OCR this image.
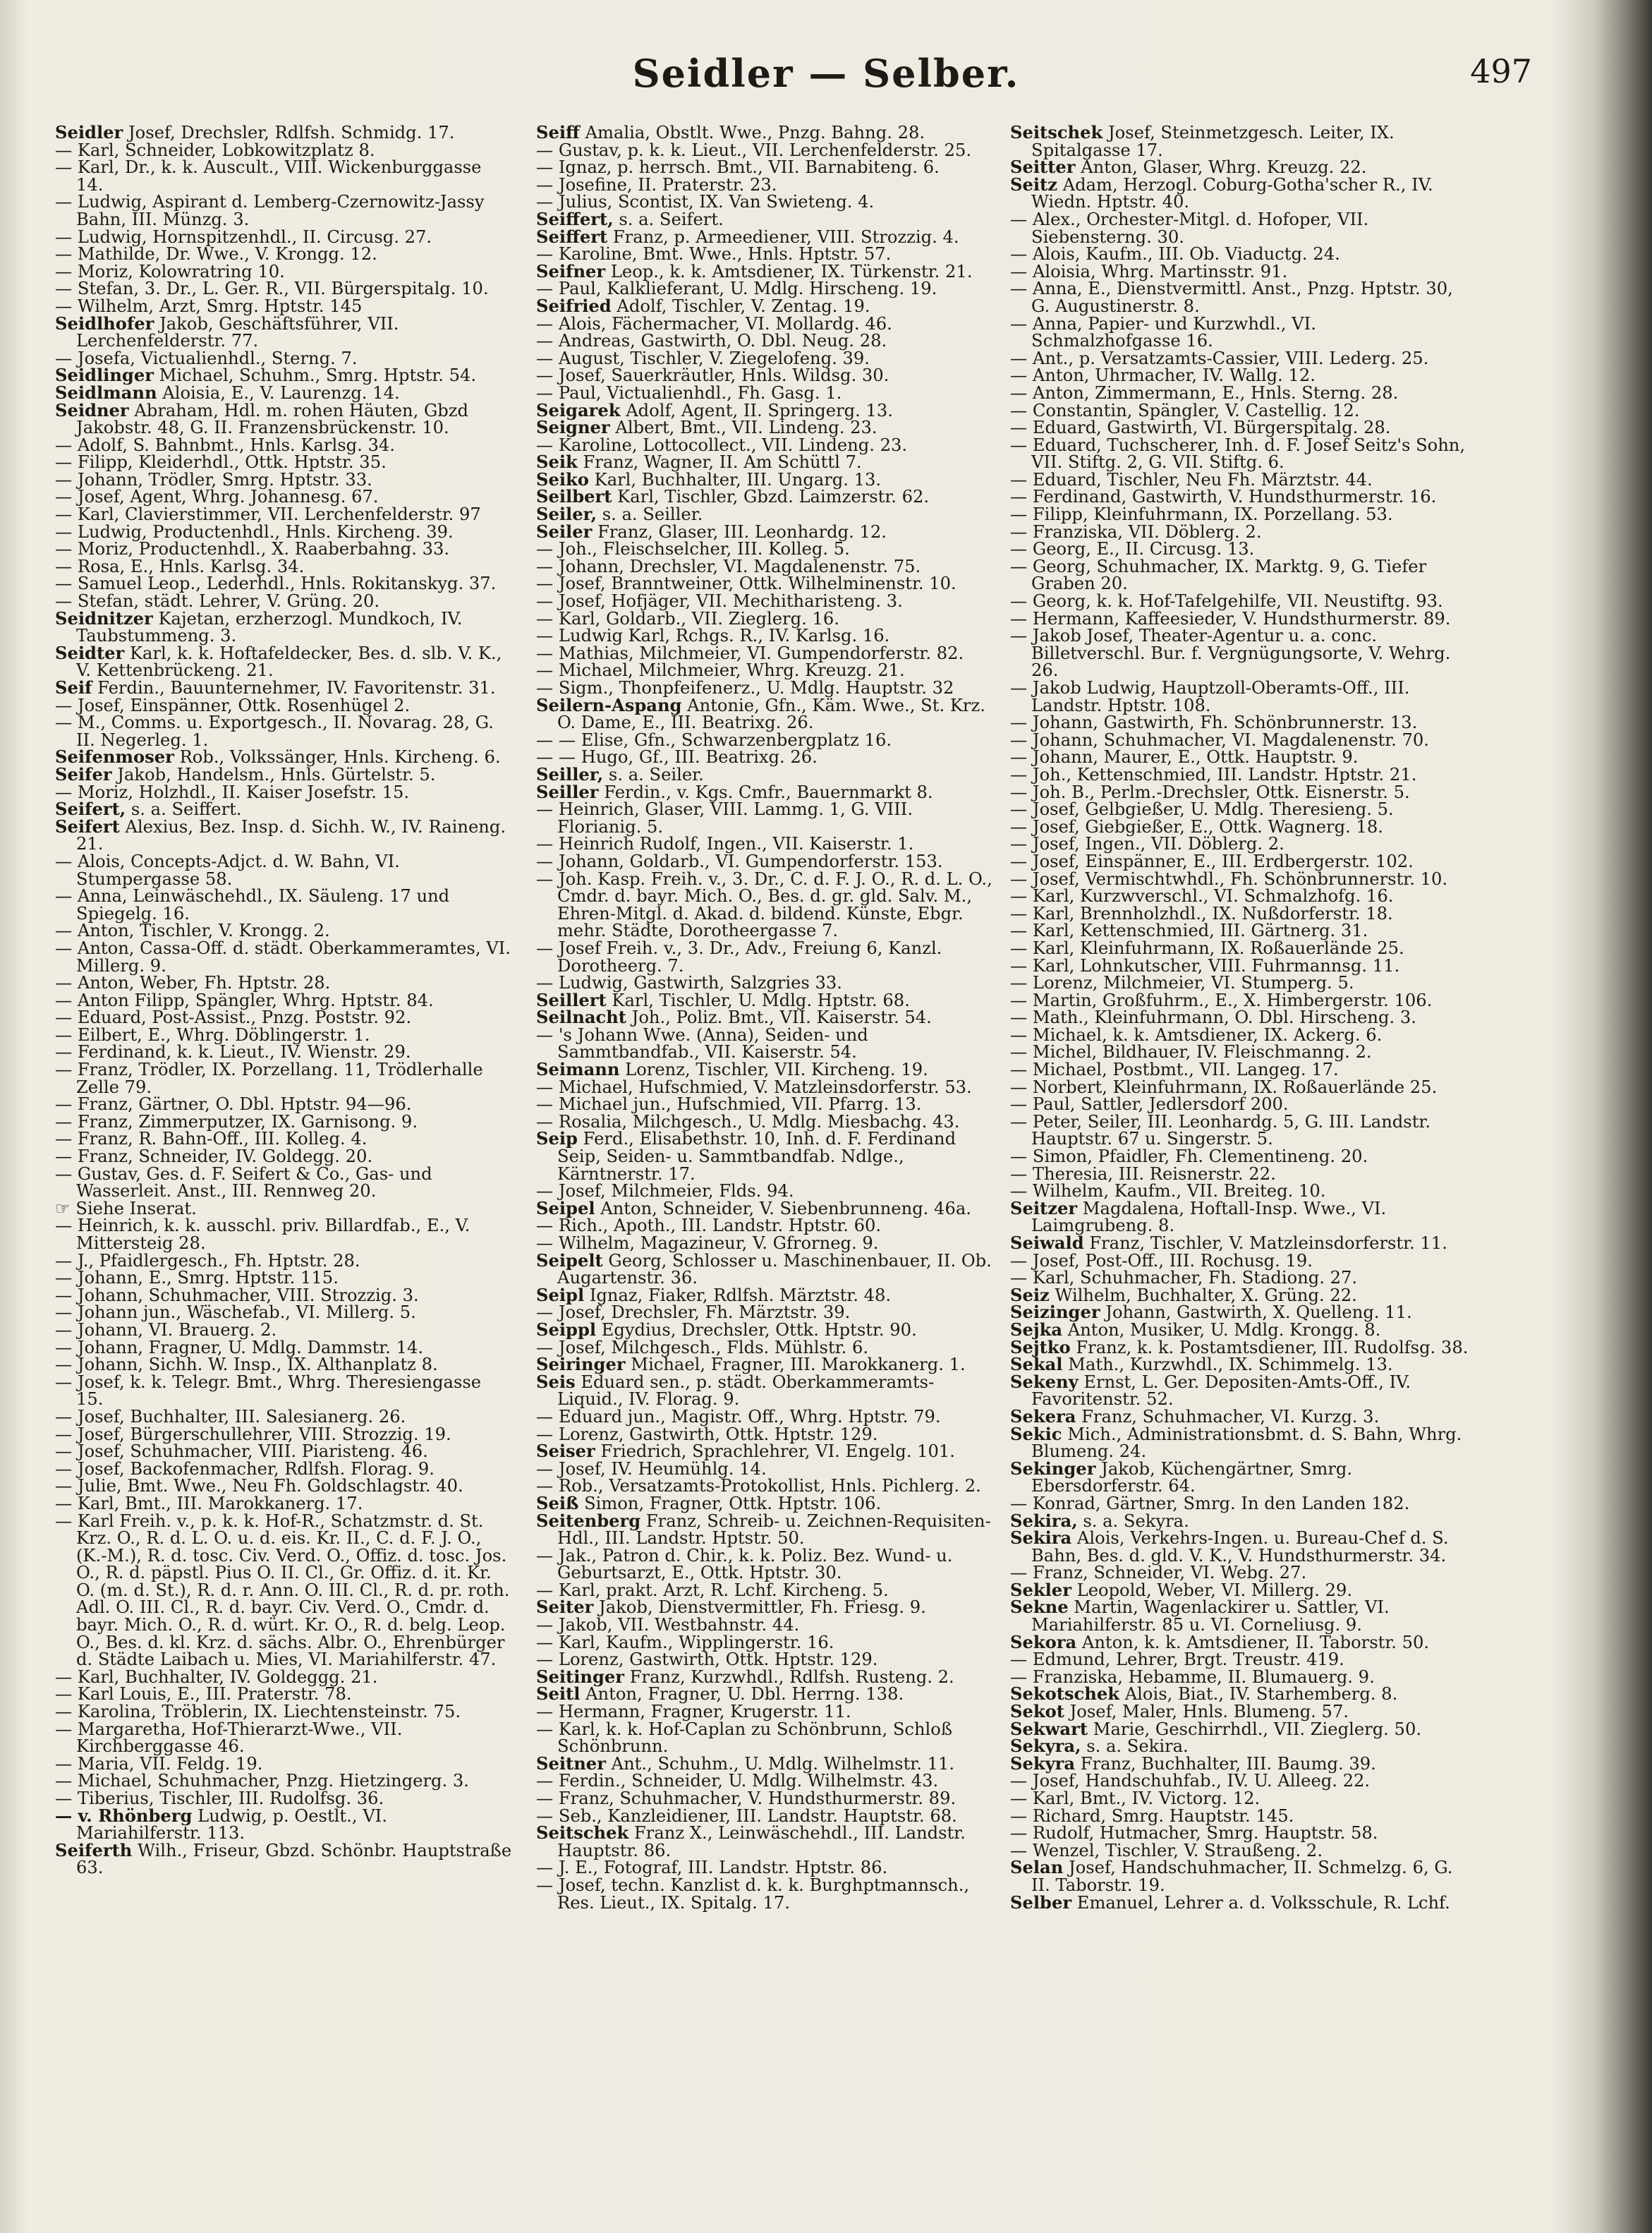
Seidler — Selber.	497

Seidler Josef, Drechsler, Rdlfsh. Schmidg. 17.

— Karl, Schneider, Lobkowitzplatz 8.

— Karl, Dr., k. k. Auscult., VIII. Wickenburggasse 14.

— Ludwig, Aspirant d. Lemberg-Czernowitz-Jassy Bahn, III. Münzg. 3.

— Ludwig, Hornspitzenhdl., II. Circusg. 27.

— Mathilde, Dr. Wwe., V. Krongg. 12.

— Moriz, Kolowratring 10.

— Stefan, 3. Dr., L. Ger. R., VII. Bürgerspitalg. 10.

— Wilhelm, Arzt, Smrg. Hptstr. 145

Seidlhofer Jakob, Geschäftsführer, VII. Lerchenfelderstr. 77.

— Josefa, Victualienhdl., Sterng. 7.

Seidlinger Michael, Schuhm., Smrg. Hptstr. 54.

Seidlmann Aloisia, E., V. Laurenzg. 14.

Seidner Abraham, Hdl. m. rohen Häuten, Gbzd Jakobstr. 48, G. II. Franzensbrückenstr. 10.

— Adolf, S. Bahnbmt., Hnls. Karlsg. 34.

— Filipp, Kleiderhdl., Ottk. Hptstr. 35.

— Johann, Trödler, Smrg. Hptstr. 33.

— Josef, Agent, Whrg. Johannesg. 67.

— Karl, Clavierstimmer, VII. Lerchenfelderstr. 97

— Ludwig, Productenhdl., Hnls. Kircheng. 39.

— Moriz, Productenhdl., X. Raaberbahng. 33.

— Rosa, E., Hnls. Karlsg. 34.

— Samuel Leop., Lederhdl., Hnls. Rokitanskyg. 37.

— Stefan, städt. Lehrer, V. Grüng. 20.

Seidnitzer Kajetan, erzherzogl. Mundkoch, IV. Taubstummeng. 3.

Seidter Karl, k. k. Hoftafeldecker, Bes. d. slb. V. K., V. Kettenbrückeng. 21.

Seif Ferdin., Bauunternehmer, IV. Favoritenstr. 31.

— Josef, Einspänner, Ottk. Rosenhügel 2.

— M., Comms. u. Exportgesch., II. Novarag. 28, G. II. Negerleg. 1.

Seifenmoser Rob., Volkssänger, Hnls. Kircheng. 6.

Seifer Jakob, Handelsm., Hnls. Gürtelstr. 5.

— Moriz, Holzhdl., II. Kaiser Josefstr. 15.

Seifert, s. a. Seiffert.

Seifert Alexius, Bez. Insp. d. Sichh. W., IV. Raineng. 21.

— Alois, Concepts-Adjct. d. W. Bahn, VI. Stumpergasse 58.

— Anna, Leinwäschehdl., IX. Säuleng. 17 und Spiegelg. 16.

— Anton, Tischler, V. Krongg. 2.

— Anton, Cassa-Off. d. städt. Oberkammeramtes, VI. Millerg. 9.

— Anton, Weber, Fh. Hptstr. 28.

— Anton Filipp, Spängler, Whrg. Hptstr. 84.

— Eduard, Post-Assist., Pnzg. Poststr. 92.

— Eilbert, E., Whrg. Döblingerstr. 1.

— Ferdinand, k. k. Lieut., IV. Wienstr. 29.

— Franz, Trödler, IX. Porzellang. 11, Trödlerhalle Zelle 79.

— Franz, Gärtner, O. Dbl. Hptstr. 94—96.

— Franz, Zimmerputzer, IX. Garnisong. 9.

— Franz, R. Bahn-Off., III. Kolleg. 4.

— Franz, Schneider, IV. Goldegg. 20.

— Gustav, Ges. d. F. Seifert & Co., Gas- und Wasserleit. Anst., III. Rennweg 20.

☞ Siehe Inserat.

— Heinrich, k. k. ausschl. priv. Billardfab., E., V. Mittersteig 28.

— J., Pfaidlergesch., Fh. Hptstr. 28.

— Johann, E., Smrg. Hptstr. 115.

— Johann, Schuhmacher, VIII. Strozzig. 3.

— Johann jun., Wäschefab., VI. Millerg. 5.

— Johann, VI. Brauerg. 2.

— Johann, Fragner, U. Mdlg. Dammstr. 14.

— Johann, Sichh. W. Insp., IX. Althanplatz 8.

— Josef, k. k. Telegr. Bmt., Whrg. Theresiengasse 15.

— Josef, Buchhalter, III. Salesianerg. 26.

— Josef, Bürgerschullehrer, VIII. Strozzig. 19.

— Josef, Schuhmacher, VIII. Piaristeng. 46.

— Josef, Backofenmacher, Rdlfsh. Florag. 9.

— Julie, Bmt. Wwe., Neu Fh. Goldschlagstr. 40.

— Karl, Bmt., III. Marokkanerg. 17.

— Karl Freih. v., p. k. k. Hof-R., Schatzmstr. d. St. Krz. O., R. d. L. O. u. d. eis. Kr. II., C. d. F. J. O., (K.-M.), R. d. tosc. Civ. Verd. O., Offiz. d. tosc. Jos. O., R. d. päpstl. Pius O. II. Cl., Gr. Offiz. d. it. Kr. O. (m. d. St.), R. d. r. Ann. O. III. Cl., R. d. pr. roth. Adl. O. III. Cl., R. d. bayr. Civ. Verd. O., Cmdr. d. bayr. Mich. O., R. d. würt. Kr. O., R. d. belg. Leop. O., Bes. d. kl. Krz. d. sächs. Albr. O., Ehrenbürger d. Städte Laibach u. Mies, VI. Mariahilferstr. 47.

— Karl, Buchhalter, IV. Goldeggg. 21.

— Karl Louis, E., III. Praterstr. 78.

— Karolina, Tröblerin, IX. Liechtensteinstr. 75.

— Margaretha, Hof-Thierarzt-Wwe., VII. Kirchberggasse 46.

— Maria, VII. Feldg. 19.

— Michael, Schuhmacher, Pnzg. Hietzingerg. 3.

— Tiberius, Tischler, III. Rudolfsg. 36.

— v. Rhönberg Ludwig, p. Oestlt., VI. Mariahilferstr. 113.

Seiferth Wilh., Friseur, Gbzd. Schönbr. Hauptstraße 63.

Seiff Amalia, Obstlt. Wwe., Pnzg. Bahng. 28.

— Gustav, p. k. k. Lieut., VII. Lerchenfelderstr. 25.

— Ignaz, p. herrsch. Bmt., VII. Barnabiteng. 6.

— Josefine, II. Praterstr. 23.

— Julius, Scontist, IX. Van Swieteng. 4.

Seiffert, s. a. Seifert.

Seiffert Franz, p. Armeediener, VIII. Strozzig. 4.

— Karoline, Bmt. Wwe., Hnls. Hptstr. 57.

Seifner Leop., k. k. Amtsdiener, IX. Türkenstr. 21.

— Paul, Kalklieferant, U. Mdlg. Hirscheng. 19.

Seifried Adolf, Tischler, V. Zentag. 19.

— Alois, Fächermacher, VI. Mollardg. 46.

— Andreas, Gastwirth, O. Dbl. Neug. 28.

— August, Tischler, V. Ziegelofeng. 39.

— Josef, Sauerkräutler, Hnls. Wildsg. 30.

— Paul, Victualienhdl., Fh. Gasg. 1.

Seigarek Adolf, Agent, II. Springerg. 13.

Seigner Albert, Bmt., VII. Lindeng. 23.

— Karoline, Lottocollect., VII. Lindeng. 23.

Seik Franz, Wagner, II. Am Schüttl 7.

Seiko Karl, Buchhalter, III. Ungarg. 13.

Seilbert Karl, Tischler, Gbzd. Laimzerstr. 62.

Seiler, s. a. Seiller.

Seiler Franz, Glaser, III. Leonhardg. 12.

— Joh., Fleischselcher, III. Kolleg. 5.

— Johann, Drechsler, VI. Magdalenenstr. 75.

— Josef, Branntweiner, Ottk. Wilhelminenstr. 10.

— Josef, Hofjäger, VII. Mechitharisteng. 3.

— Karl, Goldarb., VII. Zieglerg. 16.

— Ludwig Karl, Rchgs. R., IV. Karlsg. 16.

— Mathias, Milchmeier, VI. Gumpendorferstr. 82.

— Michael, Milchmeier, Whrg. Kreuzg. 21.

— Sigm., Thonpfeifenerz., U. Mdlg. Hauptstr. 32

Seilern-Aspang Antonie, Gfn., Käm. Wwe., St. Krz. O. Dame, E., III. Beatrixg. 26.

— — Elise, Gfn., Schwarzenbergplatz 16.

— — Hugo, Gf., III. Beatrixg. 26.

Seiller, s. a. Seiler.

Seiller Ferdin., v. Kgs. Cmfr., Bauernmarkt 8.

— Heinrich, Glaser, VIII. Lammg. 1, G. VIII. Florianig. 5.

— Heinrich Rudolf, Ingen., VII. Kaiserstr. 1.

— Johann, Goldarb., VI. Gumpendorferstr. 153.

— Joh. Kasp. Freih. v., 3. Dr., C. d. F. J. O., R. d. L. O., Cmdr. d. bayr. Mich. O., Bes. d. gr. gld. Salv. M., Ehren-Mitgl. d. Akad. d. bildend. Künste, Ebgr. mehr. Städte, Dorotheergasse 7.

— Josef Freih. v., 3. Dr., Adv., Freiung 6, Kanzl. Dorotheerg. 7.

— Ludwig, Gastwirth, Salzgries 33.

Seillert Karl, Tischler, U. Mdlg. Hptstr. 68.

Seilnacht Joh., Poliz. Bmt., VII. Kaiserstr. 54.

— 's Johann Wwe. (Anna), Seiden- und Sammtbandfab., VII. Kaiserstr. 54.

Seimann Lorenz, Tischler, VII. Kircheng. 19.

— Michael, Hufschmied, V. Matzleinsdorferstr. 53.

— Michael jun., Hufschmied, VII. Pfarrg. 13.

— Rosalia, Milchgesch., U. Mdlg. Miesbachg. 43.

Seip Ferd., Elisabethstr. 10, Inh. d. F. Ferdinand Seip, Seiden- u. Sammtbandfab. Ndlge., Kärntnerstr. 17.

— Josef, Milchmeier, Flds. 94.

Seipel Anton, Schneider, V. Siebenbrunneng. 46a.

— Rich., Apoth., III. Landstr. Hptstr. 60.

— Wilhelm, Magazineur, V. Gfrorneg. 9.

Seipelt Georg, Schlosser u. Maschinenbauer, II. Ob. Augartenstr. 36.

Seipl Ignaz, Fiaker, Rdlfsh. Märztstr. 48.

— Josef, Drechsler, Fh. Märztstr. 39.

Seippl Egydius, Drechsler, Ottk. Hptstr. 90.

— Josef, Milchgesch., Flds. Mühlstr. 6.

Seiringer Michael, Fragner, III. Marokkanerg. 1.

Seis Eduard sen., p. städt. Oberkammeramts-Liquid., IV. Florag. 9.

— Eduard jun., Magistr. Off., Whrg. Hptstr. 79.

— Lorenz, Gastwirth, Ottk. Hptstr. 129.

Seiser Friedrich, Sprachlehrer, VI. Engelg. 101.

— Josef, IV. Heumühlg. 14.

— Rob., Versatzamts-Protokollist, Hnls. Pichlerg. 2.

Seiß Simon, Fragner, Ottk. Hptstr. 106.

Seitenberg Franz, Schreib- u. Zeichnen-Requisiten-Hdl., III. Landstr. Hptstr. 50.

— Jak., Patron d. Chir., k. k. Poliz. Bez. Wund- u. Geburtsarzt, E., Ottk. Hptstr. 30.

— Karl, prakt. Arzt, R. Lchf. Kircheng. 5.

Seiter Jakob, Dienstvermittler, Fh. Friesg. 9.

— Jakob, VII. Westbahnstr. 44.

— Karl, Kaufm., Wipplingerstr. 16.

— Lorenz, Gastwirth, Ottk. Hptstr. 129.

Seitinger Franz, Kurzwhdl., Rdlfsh. Rusteng. 2.

Seitl Anton, Fragner, U. Dbl. Herrng. 138.

— Hermann, Fragner, Krugerstr. 11.

— Karl, k. k. Hof-Caplan zu Schönbrunn, Schloß Schönbrunn.

Seitner Ant., Schuhm., U. Mdlg. Wilhelmstr. 11.

— Ferdin., Schneider, U. Mdlg. Wilhelmstr. 43.

— Franz, Schuhmacher, V. Hundsthurmerstr. 89.

— Seb., Kanzleidiener, III. Landstr. Hauptstr. 68.

Seitschek Franz X., Leinwäschehdl., III. Landstr. Hauptstr. 86.

— J. E., Fotograf, III. Landstr. Hptstr. 86.

— Josef, techn. Kanzlist d. k. k. Burghptmannsch., Res. Lieut., IX. Spitalg. 17.

Seitschek Josef, Steinmetzgesch. Leiter, IX. Spitalgasse 17.

Seitter Anton, Glaser, Whrg. Kreuzg. 22.

Seitz Adam, Herzogl. Coburg-Gotha'scher R., IV. Wiedn. Hptstr. 40.

— Alex., Orchester-Mitgl. d. Hofoper, VII. Siebensterng. 30.

— Alois, Kaufm., III. Ob. Viaductg. 24.

— Aloisia, Whrg. Martinsstr. 91.

— Anna, E., Dienstvermittl. Anst., Pnzg. Hptstr. 30, G. Augustinerstr. 8.

— Anna, Papier- und Kurzwhdl., VI. Schmalzhofgasse 16.

— Ant., p. Versatzamts-Cassier, VIII. Lederg. 25.

— Anton, Uhrmacher, IV. Wallg. 12.

— Anton, Zimmermann, E., Hnls. Sterng. 28.

— Constantin, Spängler, V. Castellig. 12.

— Eduard, Gastwirth, VI. Bürgerspitalg. 28.

— Eduard, Tuchscherer, Inh. d. F. Josef Seitz's Sohn, VII. Stiftg. 2, G. VII. Stiftg. 6.

— Eduard, Tischler, Neu Fh. Märztstr. 44.

— Ferdinand, Gastwirth, V. Hundsthurmerstr. 16.

— Filipp, Kleinfuhrmann, IX. Porzellang. 53.

— Franziska, VII. Döblerg. 2.

— Georg, E., II. Circusg. 13.

— Georg, Schuhmacher, IX. Marktg. 9, G. Tiefer Graben 20.

— Georg, k. k. Hof-Tafelgehilfe, VII. Neustiftg. 93.

— Hermann, Kaffeesieder, V. Hundsthurmerstr. 89.

— Jakob Josef, Theater-Agentur u. a. conc. Billetverschl. Bur. f. Vergnügungsorte, V. Wehrg. 26.

— Jakob Ludwig, Hauptzoll-Oberamts-Off., III. Landstr. Hptstr. 108.

— Johann, Gastwirth, Fh. Schönbrunnerstr. 13.

— Johann, Schuhmacher, VI. Magdalenenstr. 70.

— Johann, Maurer, E., Ottk. Hauptstr. 9.

— Joh., Kettenschmied, III. Landstr. Hptstr. 21.

— Joh. B., Perlm.-Drechsler, Ottk. Eisnerstr. 5.

— Josef, Gelbgießer, U. Mdlg. Theresieng. 5.

— Josef, Giebgießer, E., Ottk. Wagnerg. 18.

— Josef, Ingen., VII. Döblerg. 2.

— Josef, Einspänner, E., III. Erdbergerstr. 102.

— Josef, Vermischtwhdl., Fh. Schönbrunnerstr. 10.

— Karl, Kurzwverschl., VI. Schmalzhofg. 16.

— Karl, Brennholzhdl., IX. Nußdorferstr. 18.

— Karl, Kettenschmied, III. Gärtnerg. 31.

— Karl, Kleinfuhrmann, IX. Roßauerlände 25.

— Karl, Lohnkutscher, VIII. Fuhrmannsg. 11.

— Lorenz, Milchmeier, VI. Stumperg. 5.

— Martin, Großfuhrm., E., X. Himbergerstr. 106.

— Math., Kleinfuhrmann, O. Dbl. Hirscheng. 3.

— Michael, k. k. Amtsdiener, IX. Ackerg. 6.

— Michel, Bildhauer, IV. Fleischmanng. 2.

— Michael, Postbmt., VII. Langeg. 17.

— Norbert, Kleinfuhrmann, IX. Roßauerlände 25.

— Paul, Sattler, Jedlersdorf 200.

— Peter, Seiler, III. Leonhardg. 5, G. III. Landstr. Hauptstr. 67 u. Singerstr. 5.

— Simon, Pfaidler, Fh. Clementineng. 20.

— Theresia, III. Reisnerstr. 22.

— Wilhelm, Kaufm., VII. Breiteg. 10.

Seitzer Magdalena, Hoftall-Insp. Wwe., VI. Laimgrubeng. 8.

Seiwald Franz, Tischler, V. Matzleinsdorferstr. 11.

— Josef, Post-Off., III. Rochusg. 19.

— Karl, Schuhmacher, Fh. Stadiong. 27.

Seiz Wilhelm, Buchhalter, X. Grüng. 22.

Seizinger Johann, Gastwirth, X. Quelleng. 11.

Sejka Anton, Musiker, U. Mdlg. Krongg. 8.

Sejtko Franz, k. k. Postamtsdiener, III. Rudolfsg. 38.

Sekal Math., Kurzwhdl., IX. Schimmelg. 13.

Sekeny Ernst, L. Ger. Depositen-Amts-Off., IV. Favoritenstr. 52.

Sekera Franz, Schuhmacher, VI. Kurzg. 3.

Sekic Mich., Administrationsbmt. d. S. Bahn, Whrg. Blumeng. 24.

Sekinger Jakob, Küchengärtner, Smrg. Ebersdorferstr. 64.

— Konrad, Gärtner, Smrg. In den Landen 182.

Sekira, s. a. Sekyra.

Sekira Alois, Verkehrs-Ingen. u. Bureau-Chef d. S. Bahn, Bes. d. gld. V. K., V. Hundsthurmerstr. 34.

— Franz, Schneider, VI. Webg. 27.

Sekler Leopold, Weber, VI. Millerg. 29.

Sekne Martin, Wagenlackirer u. Sattler, VI. Mariahilferstr. 85 u. VI. Corneliusg. 9.

Sekora Anton, k. k. Amtsdiener, II. Taborstr. 50.

— Edmund, Lehrer, Brgt. Treustr. 419.

— Franziska, Hebamme, II. Blumauerg. 9.

Sekotschek Alois, Biat., IV. Starhemberg. 8.

Sekot Josef, Maler, Hnls. Blumeng. 57.

Sekwart Marie, Geschirrhdl., VII. Zieglerg. 50.

Sekyra, s. a. Sekira.

Sekyra Franz, Buchhalter, III. Baumg. 39.

— Josef, Handschuhfab., IV. U. Alleeg. 22.

— Karl, Bmt., IV. Victorg. 12.

— Richard, Smrg. Hauptstr. 145.

— Rudolf, Hutmacher, Smrg. Hauptstr. 58.

— Wenzel, Tischler, V. Straußeng. 2.

Selan Josef, Handschuhmacher, II. Schmelzg. 6, G. II. Taborstr. 19.

Selber Emanuel, Lehrer a. d. Volksschule, R. Lchf.
